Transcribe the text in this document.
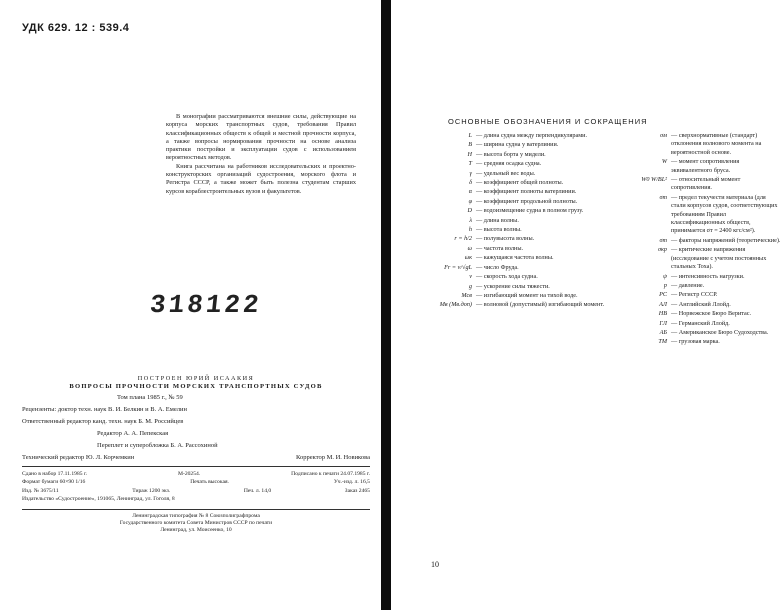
УДК 629. 12 : 539.4

В монографии рассматриваются внешние силы, действующие на корпуса морских транспортных судов, требования Правил классификационных обществ к общей и местной прочности корпуса, а также вопросы нормирования прочности на основе анализа практики постройки и эксплуатации судов с использованием вероятностных методов.

Книга рассчитана на работников исследовательских и проектно-конструкторских организаций судостроения, морского флота и Регистра СССР, а также может быть полезна студентам старших курсов кораблестроительных вузов и факультетов.

318122
ПОСТРОЕН ЮРИЙ ИСААКИЯ
ВОПРОСЫ ПРОЧНОСТИ МОРСКИХ ТРАНСПОРТНЫХ СУДОВ
Том плана 1985 г., № 59
Рецензенты: доктор техн. наук В. И. Белкин и В. А. Емелин
Ответственный редактор канд. техн. наук Б. М. Российцев
Редактор А. А. Пепекская
Переплет и суперобложка Б. А. Рассохиной
Технический редактор Ю. Л. Корчемкин	Корректор М. И. Новикова
Сдано в набор 17.11.1985 г.	М-20254.	Подписано к печати 24.07.1985 г.
Формат бумаги 60×90 1/16	Печать высокая.	Уч.-изд. л. 16,5
Изд. № 3675/11	Тираж 1200 экз.	Печ. л. 14,0	Заказ 2465
Издательство «Судостроение», 191065, Ленинград, ул. Гоголя, 8
Ленинградская типография № 8 Союзполиграфпрома
Государственного комитета Совета Министров СССР по печати
Ленинград, ул. Моисеенко, 10
ОСНОВНЫЕ ОБОЗНАЧЕНИЯ И СОКРАЩЕНИЯ
L	— длина судна между перпендикулярами.
B	— ширина судна у ватерлинии.
H	— высота борта у мидели.
T	— средняя осадка судна.
γ	— удельный вес воды.
δ	— коэффициент общей полноты.
α	— коэффициент полноты ватерлинии.
φ	— коэффициент продольной полноты.
D	— водоизмещение судна в полном грузу.
λ	— длина волны.
h	— высота волны.
r = h/2	— полувысота волны.
ω	— частота волны.
ωк	— кажущаяся частота волны.
Fr = v/√gL	— число Фруда.
v	— скорость хода судна.
g	— ускорение силы тяжести.
Mсв	— изгибающий момент на тихой воде.
Mв (Mв.доп)	— волновой (допустимый) изгибающий момент.
σм	— сверхнормативные (стандарт) отклонения волнового момента на вероятностной основе.
W	— момент сопротивления эквивалентного бруса.
W0 W/BL²	— относительный момент сопротивления.
σт	— предел текучести материала (для стали корпусов судов, соответствующих требованиям Правил классификационных обществ, принимается σт = 2400 кгс/см²).
σт	— факторы напряжений (теоретические).
σкр	— критические напряжения (исследование с учетом постоянных стальных Тоха).
ψ	— интенсивность нагрузки.
p	— давление.
PC	— Регистр СССР.
АЛ	— Английский Ллойд.
НВ	— Норвежское Бюро Веритас.
ГЛ	— Германский Ллойд.
АБ	— Американское Бюро Судоходства.
ТМ	— грузовая марка.
10
